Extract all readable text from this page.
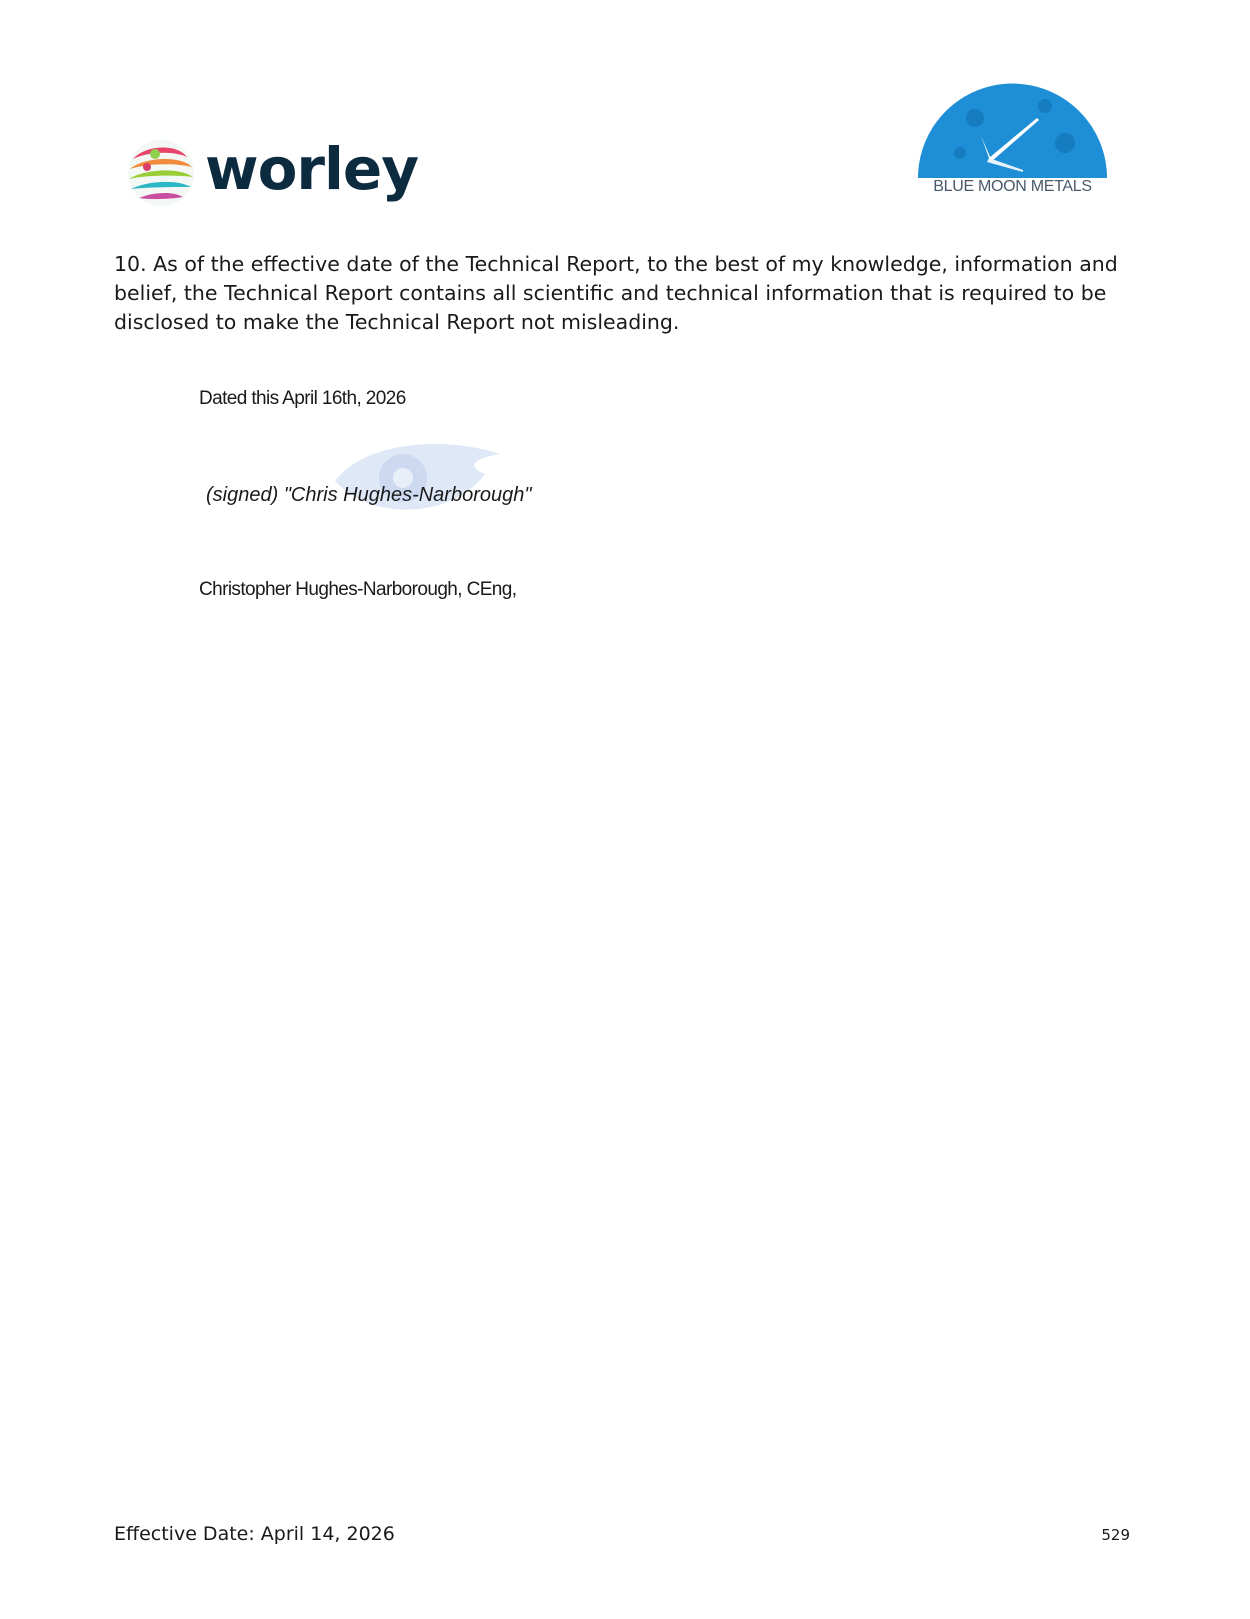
worley	BLUE MOON METALS

10. As of the effective date of the Technical Report, to the best of my knowledge, information and belief, the Technical Report contains all scientific and technical information that is required to be disclosed to make the Technical Report not misleading.

Dated this April 16th, 2026
(signed) "Chris Hughes-Narborough"
Christopher Hughes-Narborough, CEng,
Effective Date: April 14, 2026	529
